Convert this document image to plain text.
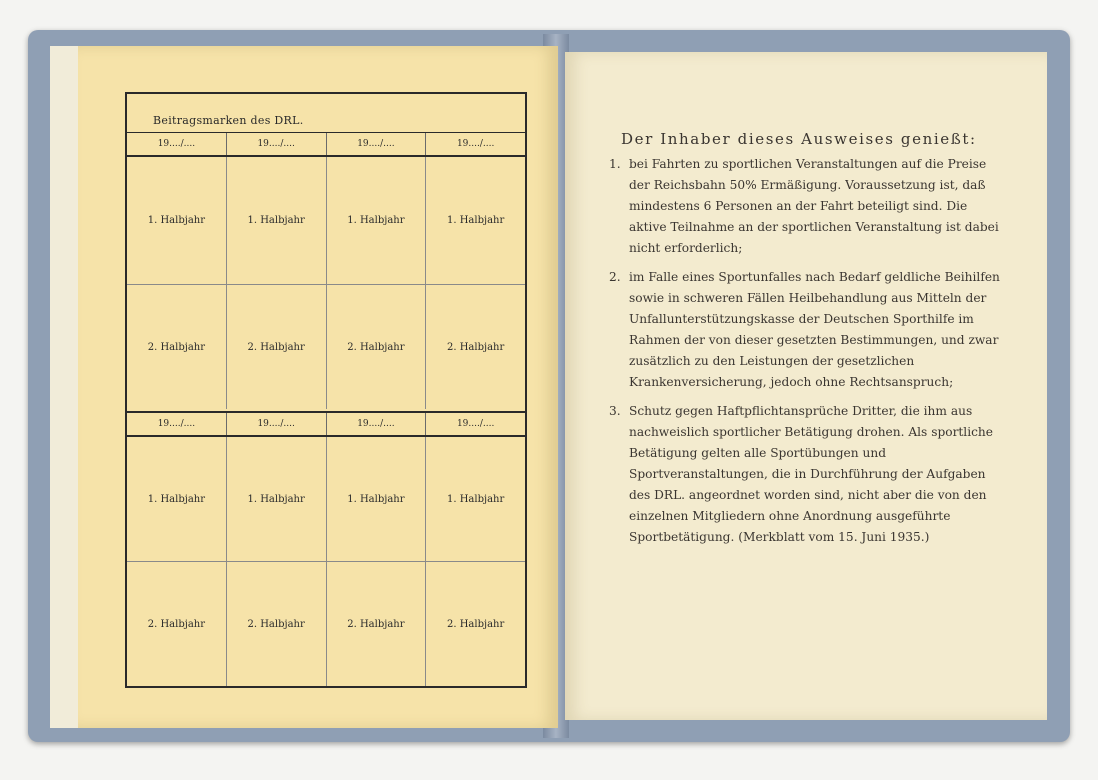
Beitragsmarken des DRL.
19..../....	19..../....	19..../....	19..../....
1. Halbjahr	1. Halbjahr	1. Halbjahr	1. Halbjahr
2. Halbjahr	2. Halbjahr	2. Halbjahr	2. Halbjahr
19..../....	19..../....	19..../....	19..../....
1. Halbjahr	1. Halbjahr	1. Halbjahr	1. Halbjahr
2. Halbjahr	2. Halbjahr	2. Halbjahr	2. Halbjahr
Der Inhaber dieses Ausweises genießt:
1. bei Fahrten zu sportlichen Veranstaltungen auf die Preise der Reichsbahn 50% Ermäßigung. Voraussetzung ist, daß mindestens 6 Personen an der Fahrt beteiligt sind. Die aktive Teilnahme an der sportlichen Veranstaltung ist dabei nicht erforderlich;
2. im Falle eines Sportunfalles nach Bedarf geldliche Beihilfen sowie in schweren Fällen Heilbehandlung aus Mitteln der Unfallunterstützungskasse der Deutschen Sporthilfe im Rahmen der von dieser gesetzten Bestimmungen, und zwar zusätzlich zu den Leistungen der gesetzlichen Krankenversicherung, jedoch ohne Rechtsanspruch;
3. Schutz gegen Haftpflichtansprüche Dritter, die ihm aus nachweislich sportlicher Betätigung drohen. Als sportliche Betätigung gelten alle Sportübungen und Sportveranstaltungen, die in Durchführung der Aufgaben des DRL. angeordnet worden sind, nicht aber die von den einzelnen Mitgliedern ohne Anordnung ausgeführte Sportbetätigung. (Merkblatt vom 15. Juni 1935.)
